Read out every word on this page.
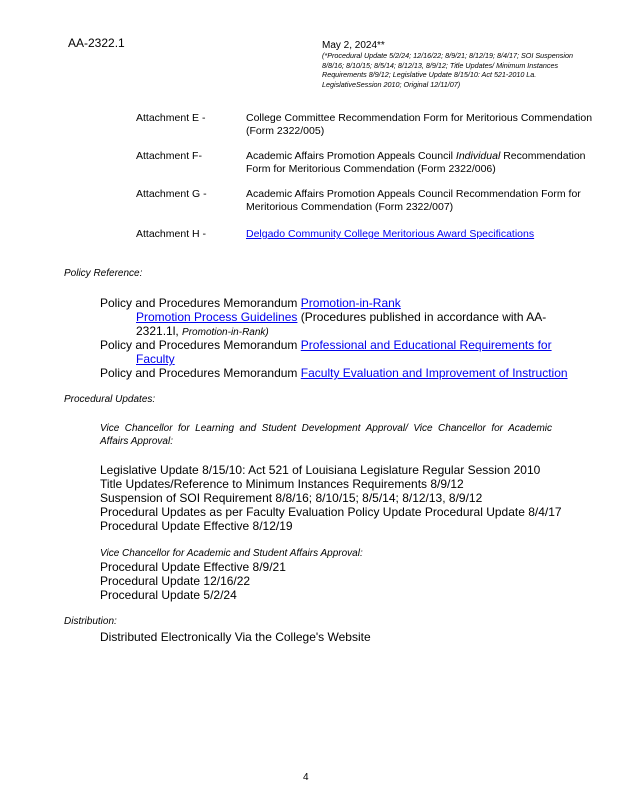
AA-2322.1	May 2, 2024**
(*Procedural Update 5/2/24; 12/16/22; 8/9/21; 8/12/19; 8/4/17; SOI Suspension 8/8/16; 8/10/15; 8/5/14; 8/12/13, 8/9/12; Title Updates/ Minimum Instances Requirements 8/9/12; Legislative Update 8/15/10: Act 521-2010 La. LegislativeSession 2010; Original 12/11/07)
Attachment E -	College Committee Recommendation Form for Meritorious Commendation (Form 2322/005)
Attachment F-	Academic Affairs Promotion Appeals Council Individual Recommendation Form for Meritorious Commendation (Form 2322/006)
Attachment G -	Academic Affairs Promotion Appeals Council Recommendation Form for Meritorious Commendation (Form 2322/007)
Attachment H -	Delgado Community College Meritorious Award Specifications
Policy Reference:
Policy and Procedures Memorandum Promotion-in-Rank
Promotion Process Guidelines (Procedures published in accordance with AA-
2321.1l, Promotion-in-Rank)
Policy and Procedures Memorandum Professional and Educational Requirements for
Faculty
Policy and Procedures Memorandum Faculty Evaluation and Improvement of Instruction
Procedural Updates:
Vice Chancellor for Learning and Student Development Approval/ Vice Chancellor for Academic Affairs Approval:
Legislative Update 8/15/10: Act 521 of Louisiana Legislature Regular Session 2010
Title Updates/Reference to Minimum Instances Requirements 8/9/12
Suspension of SOI Requirement 8/8/16; 8/10/15; 8/5/14; 8/12/13, 8/9/12
Procedural Updates as per Faculty Evaluation Policy Update Procedural Update 8/4/17
Procedural Update Effective 8/12/19
Vice Chancellor for Academic and Student Affairs Approval:
Procedural Update Effective 8/9/21
Procedural Update 12/16/22
Procedural Update 5/2/24
Distribution:
Distributed Electronically Via the College's Website
4
